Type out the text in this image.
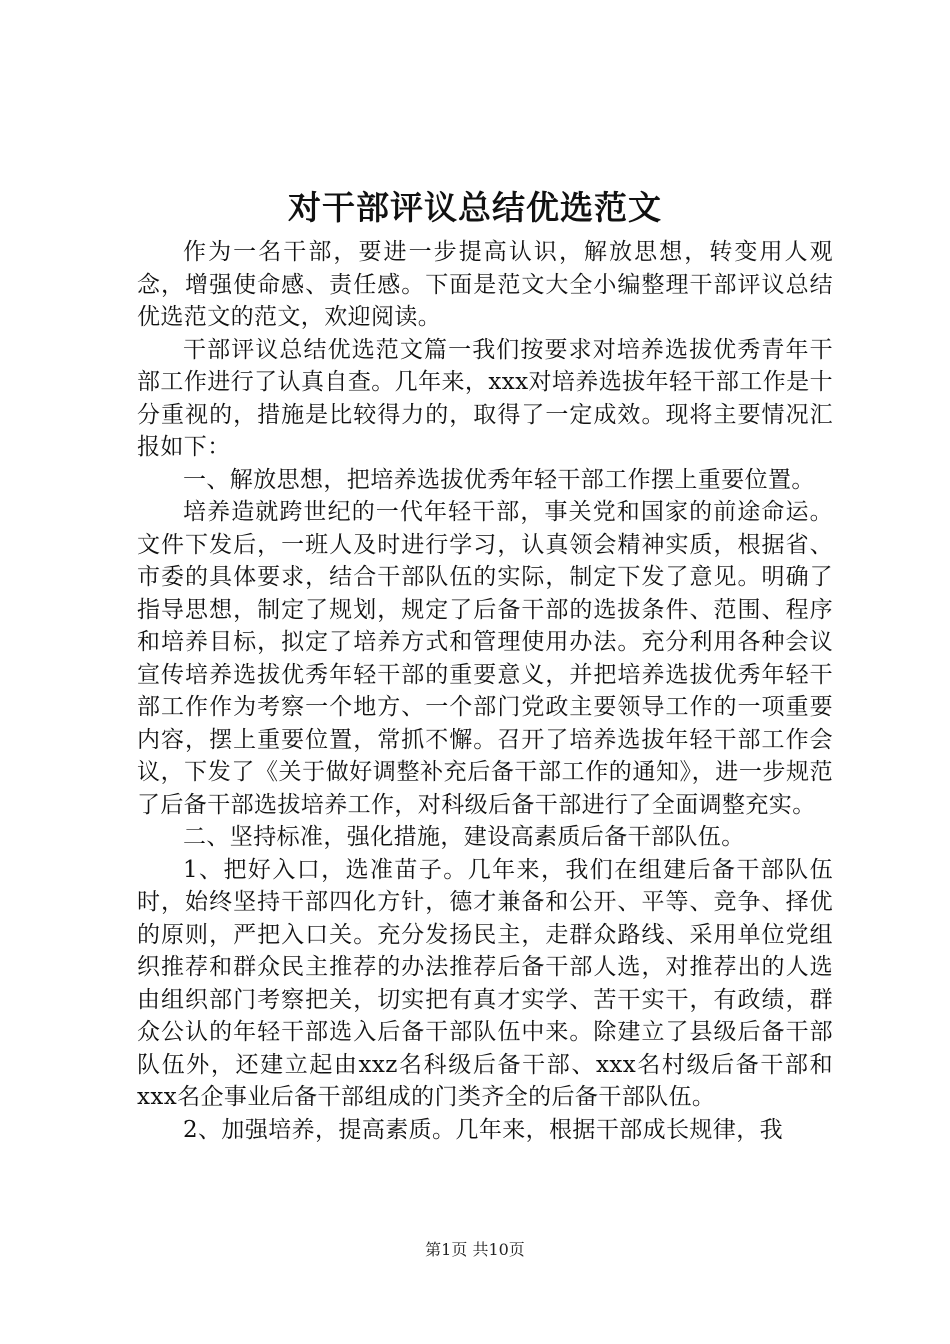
对干部评议总结优选范文

作为一名干部，要进一步提高认识，解放思想，转变用人观念，增强使命感、责任感。下面是范文大全小编整理干部评议总结优选范文的范文，欢迎阅读。

干部评议总结优选范文篇一我们按要求对培养选拔优秀青年干部工作进行了认真自查。几年来，xxx对培养选拔年轻干部工作是十分重视的，措施是比较得力的，取得了一定成效。现将主要情况汇报如下：

一、解放思想，把培养选拔优秀年轻干部工作摆上重要位置。

培养造就跨世纪的一代年轻干部，事关党和国家的前途命运。文件下发后，一班人及时进行学习，认真领会精神实质，根据省、市委的具体要求，结合干部队伍的实际，制定下发了意见。明确了指导思想，制定了规划，规定了后备干部的选拔条件、范围、程序和培养目标，拟定了培养方式和管理使用办法。充分利用各种会议宣传培养选拔优秀年轻干部的重要意义，并把培养选拔优秀年轻干部工作作为考察一个地方、一个部门党政主要领导工作的一项重要内容，摆上重要位置，常抓不懈。召开了培养选拔年轻干部工作会议，下发了《关于做好调整补充后备干部工作的通知》，进一步规范了后备干部选拔培养工作，对科级后备干部进行了全面调整充实。

二、坚持标准，强化措施，建设高素质后备干部队伍。

1、把好入口，选准苗子。几年来，我们在组建后备干部队伍时，始终坚持干部四化方针，德才兼备和公开、平等、竞争、择优的原则，严把入口关。充分发扬民主，走群众路线、采用单位党组织推荐和群众民主推荐的办法推荐后备干部人选，对推荐出的人选由组织部门考察把关，切实把有真才实学、苦干实干，有政绩，群众公认的年轻干部选入后备干部队伍中来。除建立了县级后备干部队伍外，还建立起由xxz名科级后备干部、xxx名村级后备干部和xxx名企事业后备干部组成的门类齐全的后备干部队伍。

2、加强培养，提高素质。几年来，根据干部成长规律，我

第1页 共10页
